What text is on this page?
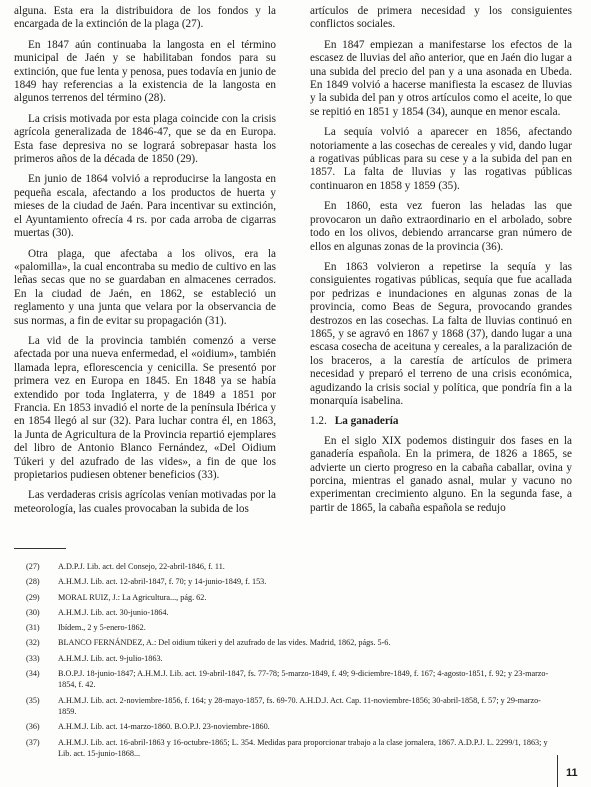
alguna. Esta era la distribuidora de los fondos y la encargada de la extinción de la plaga (27).

En 1847 aún continuaba la langosta en el término municipal de Jaén y se habilitaban fondos para su extinción, que fue lenta y penosa, pues todavía en junio de 1849 hay referencias a la existencia de la langosta en algunos terrenos del término (28).

La crisis motivada por esta plaga coincide con la crisis agrícola generalizada de 1846-47, que se da en Europa. Esta fase depresiva no se logrará sobrepasar hasta los primeros años de la década de 1850 (29).

En junio de 1864 volvió a reproducirse la langosta en pequeña escala, afectando a los productos de huerta y mieses de la ciudad de Jaén. Para incentivar su extinción, el Ayuntamiento ofrecía 4 rs. por cada arroba de cigarras muertas (30).

Otra plaga, que afectaba a los olivos, era la «palomilla», la cual encontraba su medio de cultivo en las leñas secas que no se guardaban en almacenes cerrados. En la ciudad de Jaén, en 1862, se estableció un reglamento y una junta que velara por la observancia de sus normas, a fin de evitar su propagación (31).

La vid de la provincia también comenzó a verse afectada por una nueva enfermedad, el «oidium», también llamada lepra, eflorescencia y cenicilla. Se presentó por primera vez en Europa en 1845. En 1848 ya se había extendido por toda Inglaterra, y de 1849 a 1851 por Francia. En 1853 invadió el norte de la península Ibérica y en 1854 llegó al sur (32). Para luchar contra él, en 1863, la Junta de Agricultura de la Provincia repartió ejemplares del libro de Antonio Blanco Fernández, «Del Oidium Túkeri y del azufrado de las vides», a fin de que los propietarios pudiesen obtener beneficios (33).

Las verdaderas crisis agrícolas venían motivadas por la meteorología, las cuales provocaban la subida de los

artículos de primera necesidad y los consiguientes conflictos sociales.

En 1847 empiezan a manifestarse los efectos de la escasez de lluvias del año anterior, que en Jaén dio lugar a una subida del precio del pan y a una asonada en Ubeda. En 1849 volvió a hacerse manifiesta la escasez de lluvias y la subida del pan y otros artículos como el aceite, lo que se repitió en 1851 y 1854 (34), aunque en menor escala.

La sequía volvió a aparecer en 1856, afectando notoriamente a las cosechas de cereales y vid, dando lugar a rogativas públicas para su cese y a la subida del pan en 1857. La falta de lluvias y las rogativas públicas continuaron en 1858 y 1859 (35).

En 1860, esta vez fueron las heladas las que provocaron un daño extraordinario en el arbolado, sobre todo en los olivos, debiendo arrancarse gran número de ellos en algunas zonas de la provincia (36).

En 1863 volvieron a repetirse la sequía y las consiguientes rogativas públicas, sequía que fue acallada por pedrizas e inundaciones en algunas zonas de la provincia, como Beas de Segura, provocando grandes destrozos en las cosechas. La falta de lluvias continuó en 1865, y se agravó en 1867 y 1868 (37), dando lugar a una escasa cosecha de aceituna y cereales, a la paralización de los braceros, a la carestía de artículos de primera necesidad y preparó el terreno de una crisis económica, agudizando la crisis social y política, que pondría fin a la monarquía isabelina.

1.2. La ganadería

En el siglo XIX podemos distinguir dos fases en la ganadería española. En la primera, de 1826 a 1865, se advierte un cierto progreso en la cabaña caballar, ovina y porcina, mientras el ganado asnal, mular y vacuno no experimentan crecimiento alguno. En la segunda fase, a partir de 1865, la cabaña española se redujo

(27) A.D.P.J. Lib. act. del Consejo, 22-abril-1846, f. 11.
(28) A.H.M.J. Lib. act. 12-abril-1847, f. 70; y 14-junio-1849, f. 153.
(29) MORAL RUIZ, J.: La Agricultura..., pág. 62.
(30) A.H.M.J. Lib. act. 30-junio-1864.
(31) Ibídem., 2 y 5-enero-1862.
(32) BLANCO FERNÁNDEZ, A.: Del oidium túkeri y del azufrado de las vides. Madrid, 1862, págs. 5-6.
(33) A.H.M.J. Lib. act. 9-julio-1863.
(34) B.O.P.J. 18-junio-1847; A.H.M.J. Lib. act. 19-abril-1847, fs. 77-78; 5-marzo-1849, f. 49; 9-diciembre-1849, f. 167; 4-agosto-1851, f. 92; y 23-marzo-1854, f. 42.
(35) A.H.M.J. Lib. act. 2-noviembre-1856, f. 164; y 28-mayo-1857, fs. 69-70. A.H.D.J. Act. Cap. 11-noviembre-1856; 30-abril-1858, f. 57; y 29-marzo-1859.
(36) A.H.M.J. Lib. act. 14-marzo-1860. B.O.P.J. 23-noviembre-1860.
(37) A.H.M.J. Lib. act. 16-abril-1863 y 16-octubre-1865; L. 354. Medidas para proporcionar trabajo a la clase jornalera, 1867. A.D.P.J. L. 2299/1, 1863; y Lib. act. 15-junio-1868...
11
